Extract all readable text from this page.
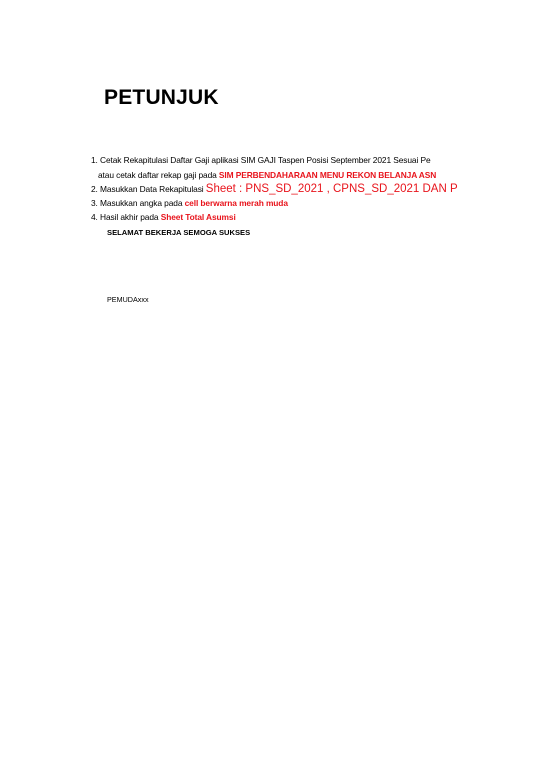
PETUNJUK
1. Cetak Rekapitulasi Daftar Gaji aplikasi SIM GAJI Taspen Posisi September 2021 Sesuai Pe
atau cetak daftar rekap gaji pada SIM PERBENDAHARAAN MENU REKON BELANJA ASN
2. Masukkan Data Rekapitulasi Sheet : PNS_SD_2021 , CPNS_SD_2021 DAN P
3. Masukkan angka pada cell berwarna merah muda
4. Hasil akhir pada Sheet Total Asumsi
SELAMAT BEKERJA SEMOGA SUKSES
PEMUDAxxx
